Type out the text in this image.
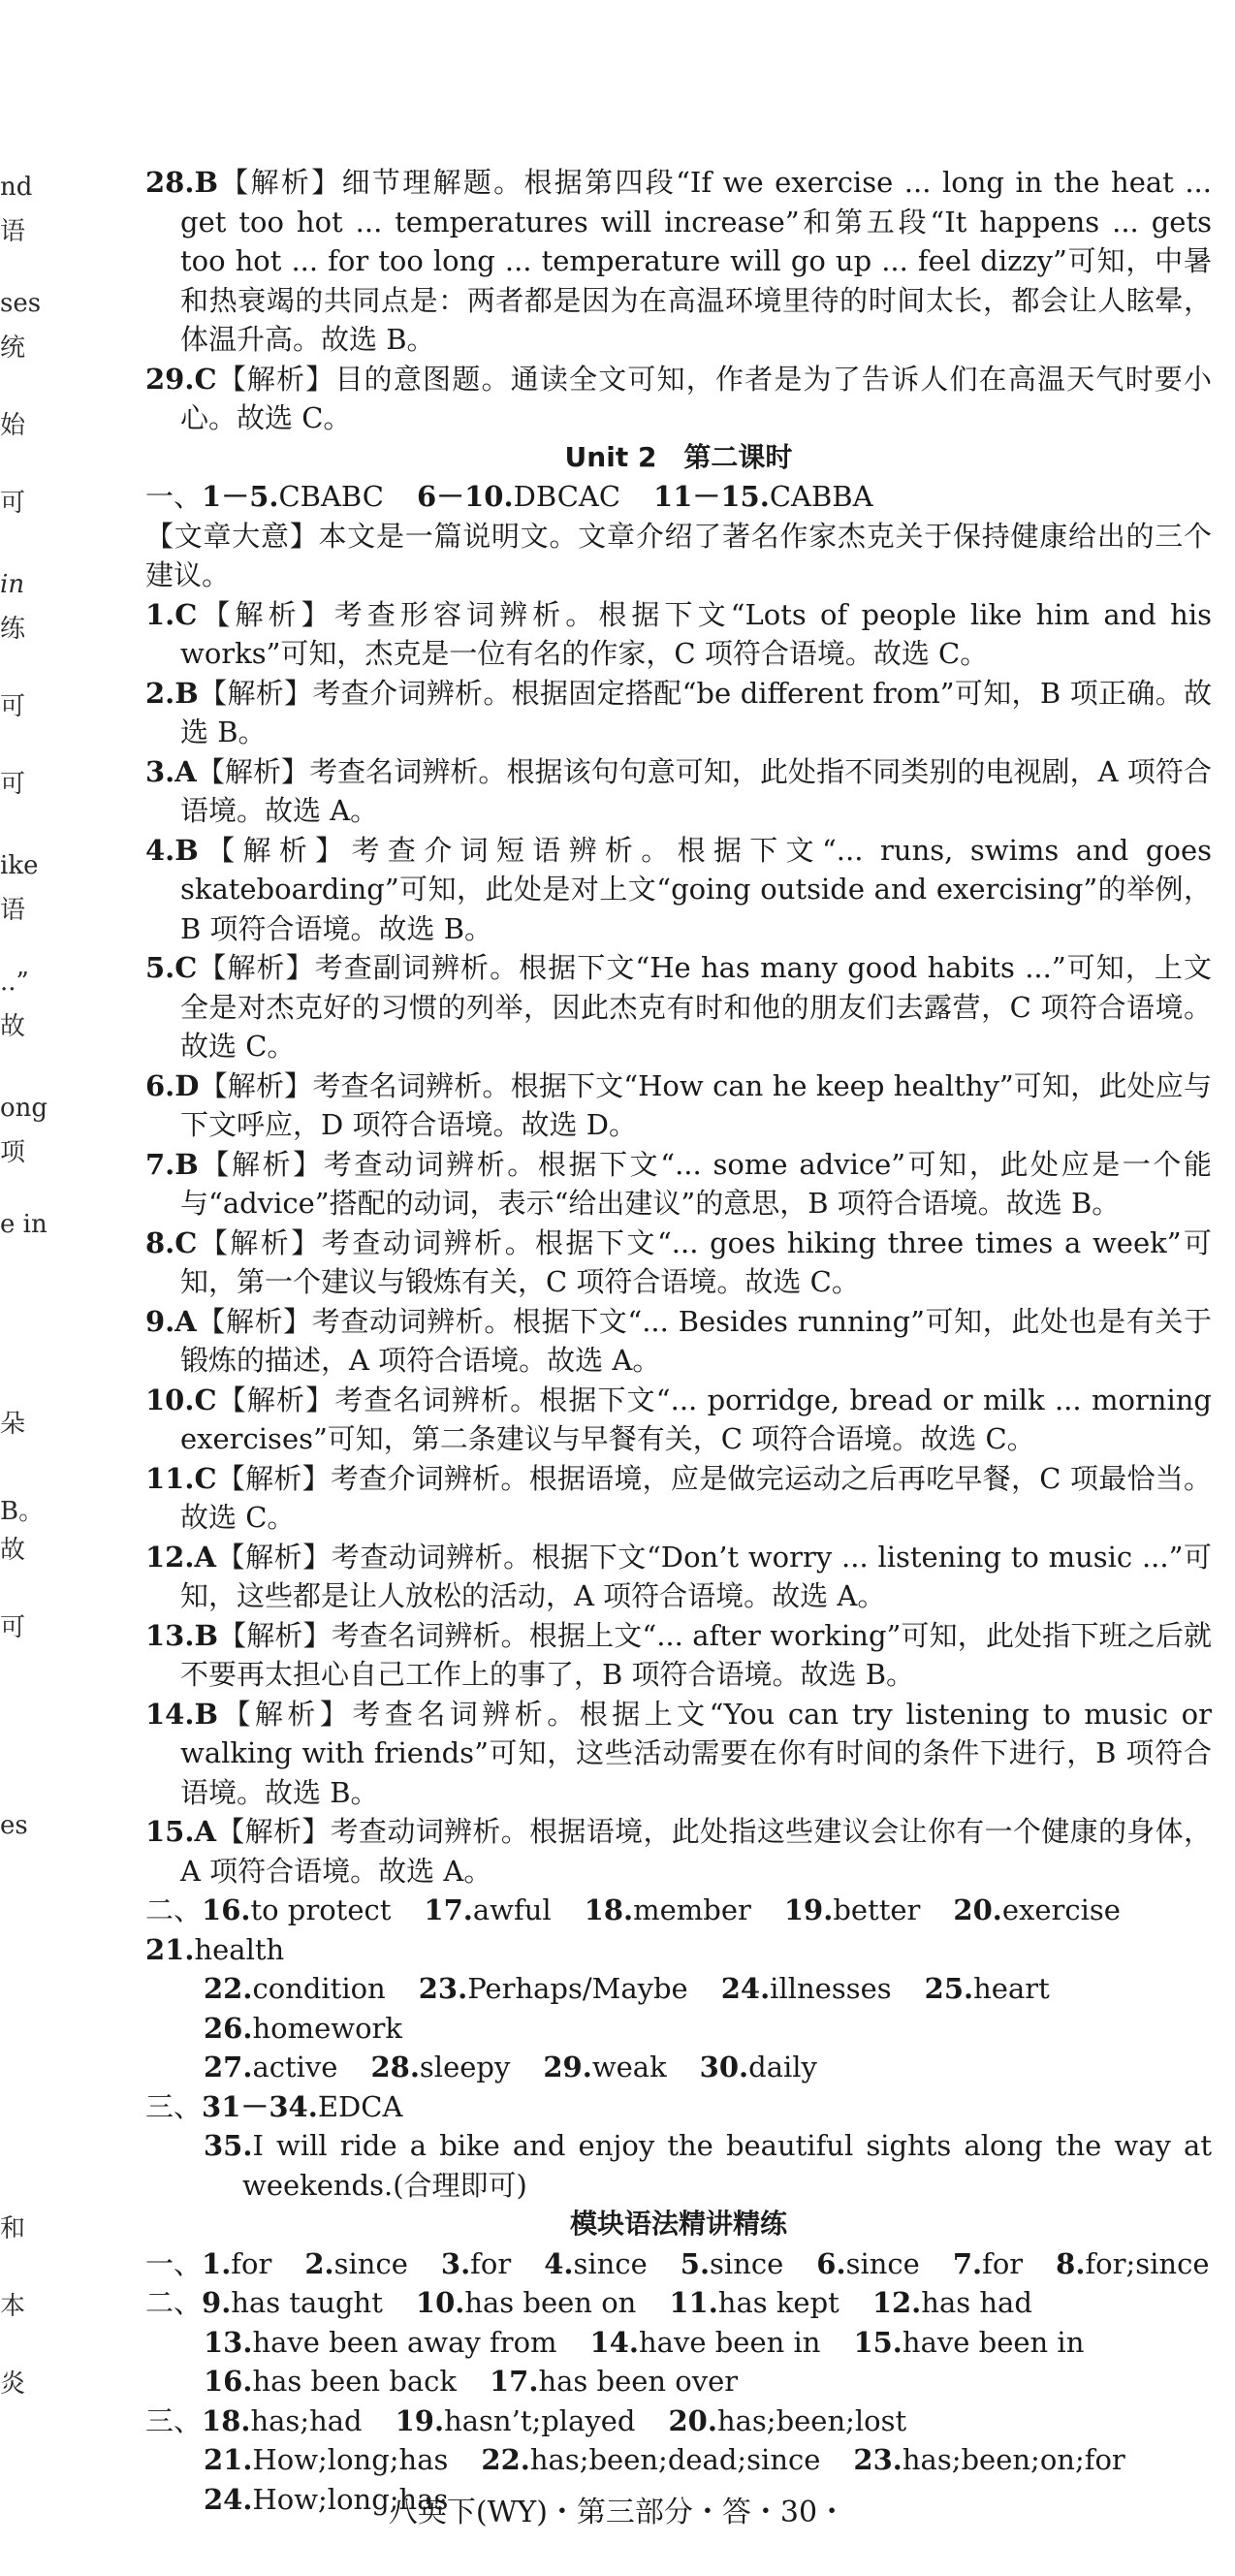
nd
语
ses
统
始
可
in
练
可
可
ike
语
..”
故
ong
项
e in
朵
B。
故
可
es
和
本
炎

28.B【解析】细节理解题。根据第四段“If we exercise ... long in the heat ... get too hot ... temperatures will increase”和第五段“It happens ... gets too hot ... for too long ... temperature will go up ... feel dizzy”可知，中暑和热衰竭的共同点是：两者都是因为在高温环境里待的时间太长，都会让人眩晕，体温升高。故选 B。

29.C【解析】目的意图题。通读全文可知，作者是为了告诉人们在高温天气时要小心。故选 C。

Unit 2　第二课时

一、1－5.CBABC 6－10.DBCAC 11－15.CABBA

【文章大意】本文是一篇说明文。文章介绍了著名作家杰克关于保持健康给出的三个建议。

1.C【解析】考查形容词辨析。根据下文“Lots of people like him and his works”可知，杰克是一位有名的作家，C 项符合语境。故选 C。

2.B【解析】考查介词辨析。根据固定搭配“be different from”可知，B 项正确。故选 B。

3.A【解析】考查名词辨析。根据该句句意可知，此处指不同类别的电视剧，A 项符合语境。故选 A。

4.B【解析】考查介词短语辨析。根据下文“... runs, swims and goes skateboarding”可知，此处是对上文“going outside and exercising”的举例，B 项符合语境。故选 B。

5.C【解析】考查副词辨析。根据下文“He has many good habits ...”可知，上文全是对杰克好的习惯的列举，因此杰克有时和他的朋友们去露营，C 项符合语境。故选 C。

6.D【解析】考查名词辨析。根据下文“How can he keep healthy”可知，此处应与下文呼应，D 项符合语境。故选 D。

7.B【解析】考查动词辨析。根据下文“... some advice”可知，此处应是一个能与“advice”搭配的动词，表示“给出建议”的意思，B 项符合语境。故选 B。

8.C【解析】考查动词辨析。根据下文“... goes hiking three times a week”可知，第一个建议与锻炼有关，C 项符合语境。故选 C。

9.A【解析】考查动词辨析。根据下文“... Besides running”可知，此处也是有关于锻炼的描述，A 项符合语境。故选 A。

10.C【解析】考查名词辨析。根据下文“... porridge, bread or milk ... morning exercises”可知，第二条建议与早餐有关，C 项符合语境。故选 C。

11.C【解析】考查介词辨析。根据语境，应是做完运动之后再吃早餐，C 项最恰当。故选 C。

12.A【解析】考查动词辨析。根据下文“Don’t worry ... listening to music ...”可知，这些都是让人放松的活动，A 项符合语境。故选 A。

13.B【解析】考查名词辨析。根据上文“... after working”可知，此处指下班之后就不要再太担心自己工作上的事了，B 项符合语境。故选 B。

14.B【解析】考查名词辨析。根据上文“You can try listening to music or walking with friends”可知，这些活动需要在你有时间的条件下进行，B 项符合语境。故选 B。

15.A【解析】考查动词辨析。根据语境，此处指这些建议会让你有一个健康的身体，A 项符合语境。故选 A。

二、16.to protect 17.awful 18.member 19.better 20.exercise21.health

22.condition 23.Perhaps/Maybe 24.illnesses 25.heart26.homework

27.active 28.sleepy 29.weak 30.daily

三、31－34.EDCA

35.I will ride a bike and enjoy the beautiful sights along the way at weekends.(合理即可)

模块语法精讲精练

一、1.for 2.since 3.for 4.since 5.since 6.since 7.for 8.for;since

二、9.has taught 10.has been on 11.has kept 12.has had

13.have been away from 14.have been in 15.have been in

16.has been back 17.has been over

三、18.has;had 19.hasn’t;played 20.has;been;lost

21.How;long;has 22.has;been;dead;since 23.has;been;on;for

24.How;long;has

八英下(WY)・第三部分・答・30・
